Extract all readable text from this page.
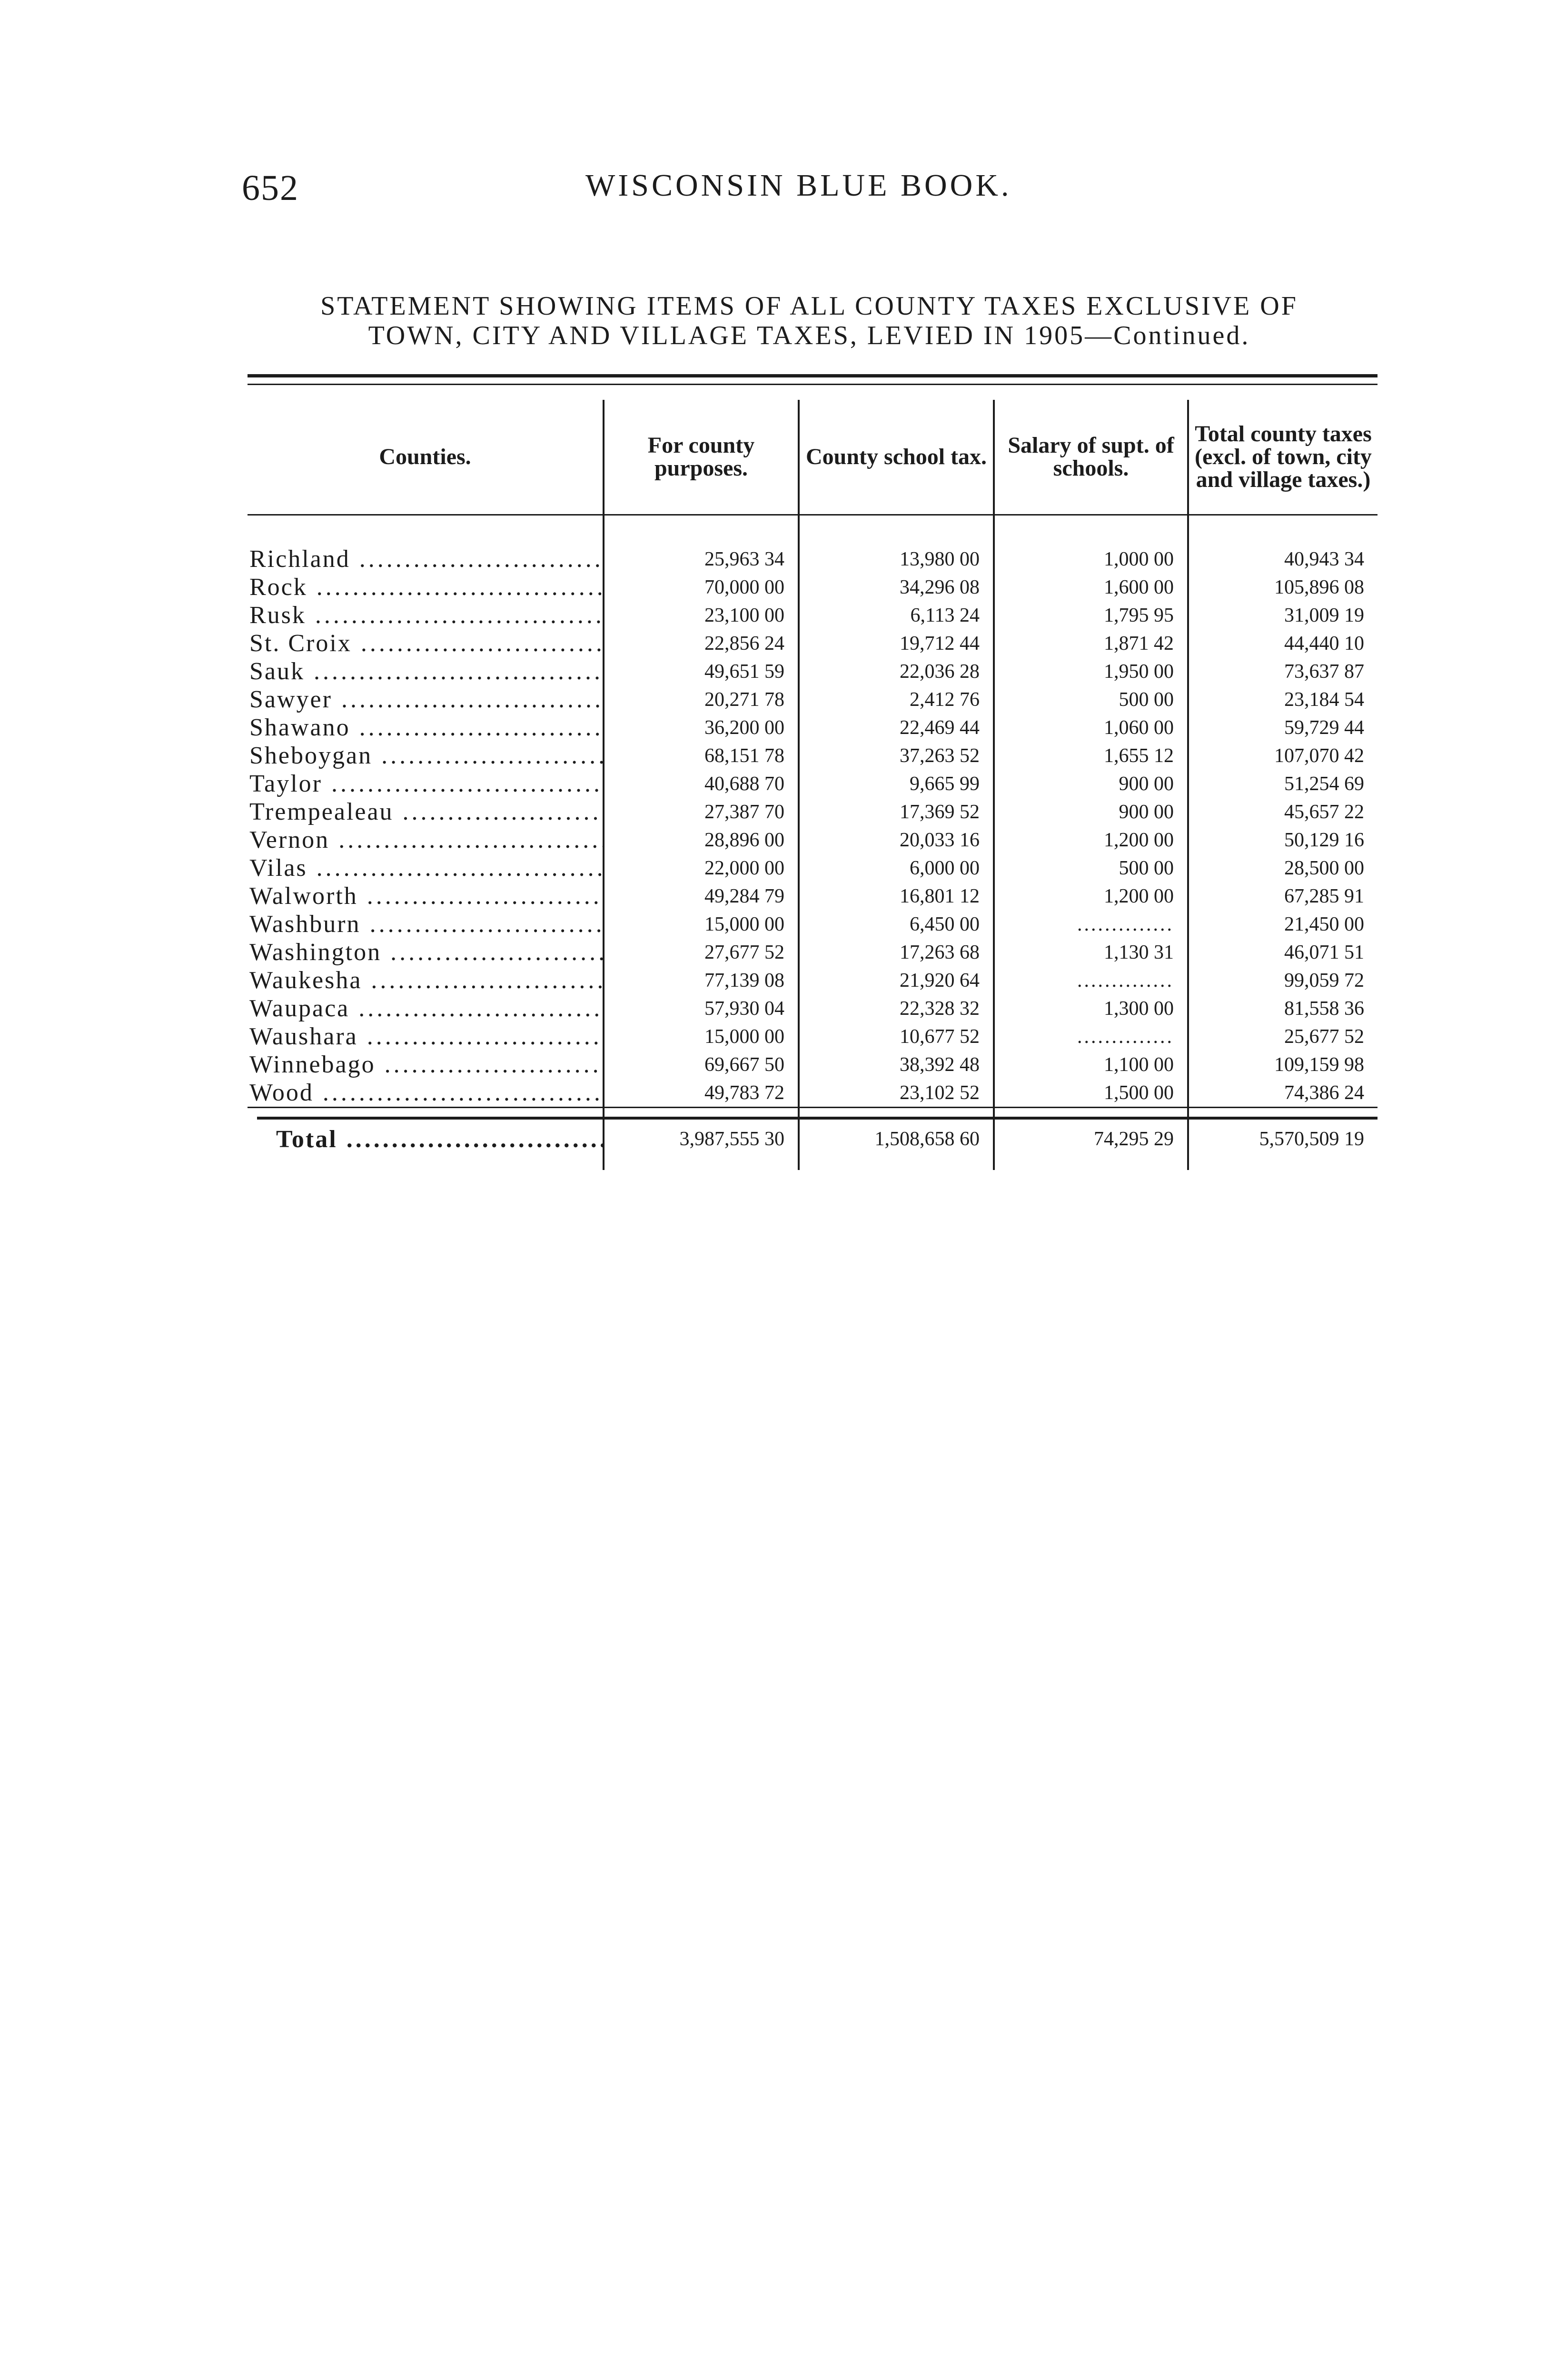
652	WISCONSIN BLUE BOOK.
STATEMENT SHOWING ITEMS OF ALL COUNTY TAXES EXCLUSIVE OF
TOWN, CITY AND VILLAGE TAXES, LEVIED IN 1905—Continued.
Counties.	For county purposes.	County school tax.	Salary of supt. of schools.	Total county taxes (excl. of town, city and village taxes.)

Richland .....	25,963 34	13,980 00	1,000 00	40,943 34
Rock .....	70,000 00	34,296 08	1,600 00	105,896 08
Rusk .....	23,100 00	6,113 24	1,795 95	31,009 19
St. Croix .....	22,856 24	19,712 44	1,871 42	44,440 10
Sauk .....	49,651 59	22,036 28	1,950 00	73,637 87
Sawyer .....	20,271 78	2,412 76	500 00	23,184 54
Shawano .....	36,200 00	22,469 44	1,060 00	59,729 44
Sheboygan .....	68,151 78	37,263 52	1,655 12	107,070 42
Taylor .....	40,688 70	9,665 99	900 00	51,254 69
Trempealeau .....	27,387 70	17,369 52	900 00	45,657 22
Vernon .....	28,896 00	20,033 16	1,200 00	50,129 16
Vilas .....	22,000 00	6,000 00	500 00	28,500 00
Walworth .....	49,284 79	16,801 12	1,200 00	67,285 91
Washburn .....	15,000 00	6,450 00	.....	21,450 00
Washington .....	27,677 52	17,263 68	1,130 31	46,071 51
Waukesha .....	77,139 08	21,920 64	.....	99,059 72
Waupaca .....	57,930 04	22,328 32	1,300 00	81,558 36
Waushara .....	15,000 00	10,677 52	.....	25,677 52
Winnebago .....	69,667 50	38,392 48	1,100 00	109,159 98
Wood .....	49,783 72	23,102 52	1,500 00	74,386 24
Total .....	3,987,555 30	1,508,658 60	74,295 29	5,570,509 19
